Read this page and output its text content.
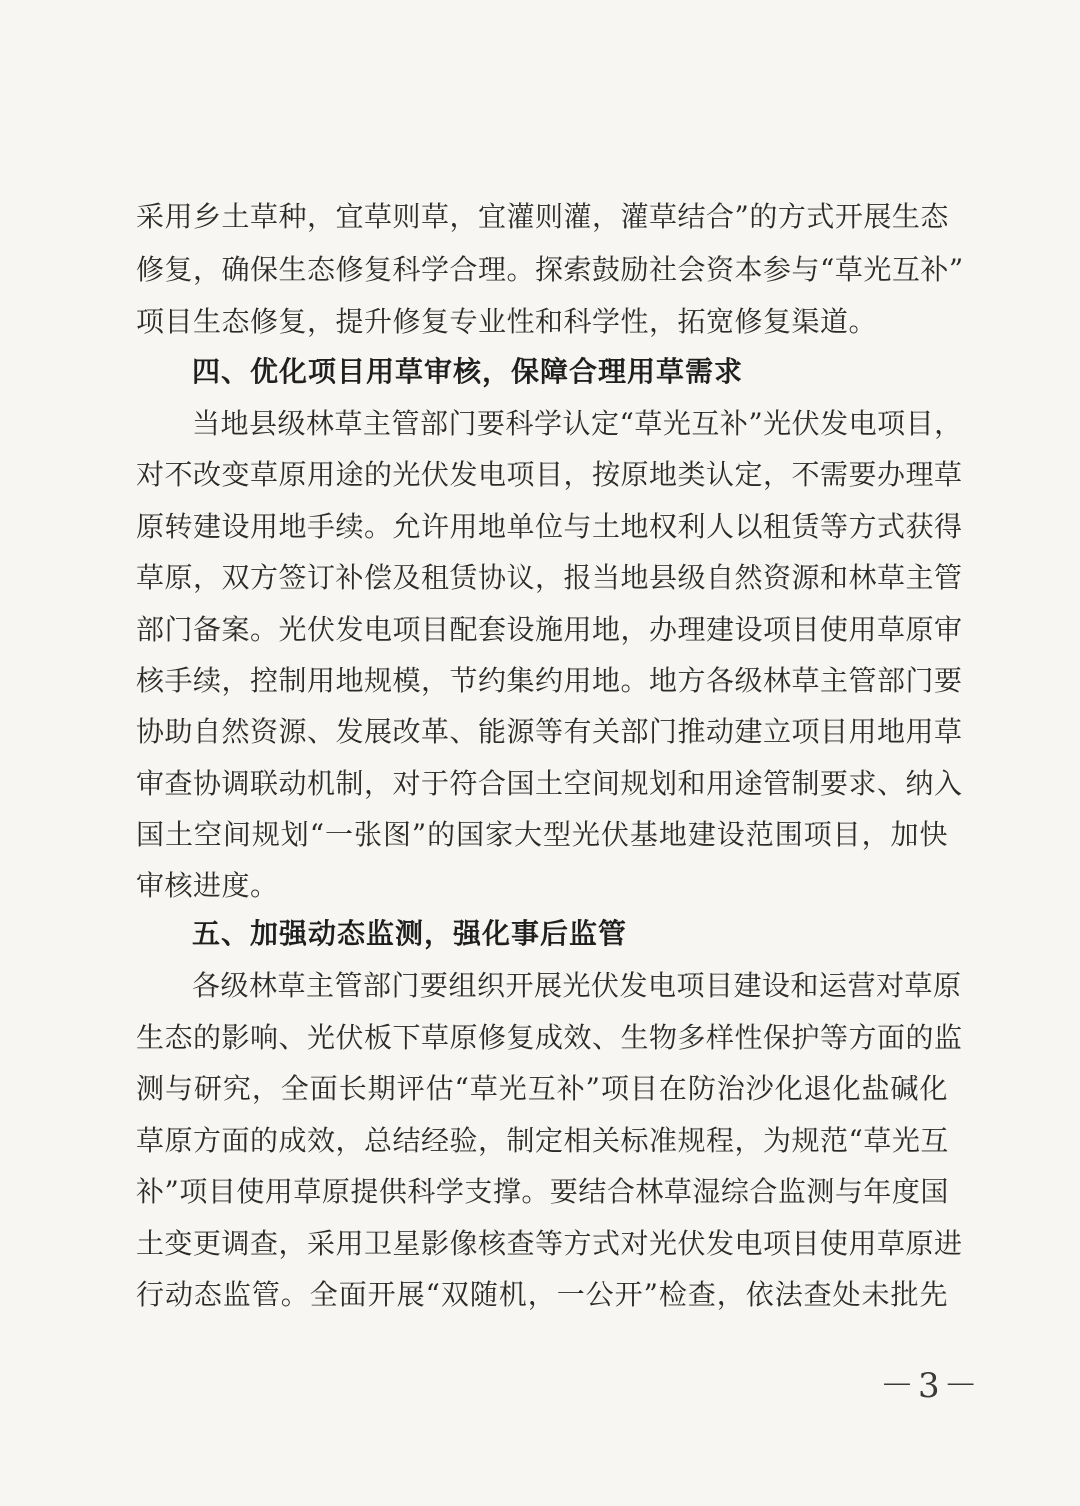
采用乡土草种，宜草则草，宜灌则灌，灌草结合”的方式开展生态
修复，确保生态修复科学合理。探索鼓励社会资本参与“草光互补”
项目生态修复，提升修复专业性和科学性，拓宽修复渠道。
四、优化项目用草审核，保障合理用草需求
当地县级林草主管部门要科学认定“草光互补”光伏发电项目，
对不改变草原用途的光伏发电项目，按原地类认定，不需要办理草
原转建设用地手续。允许用地单位与土地权利人以租赁等方式获得
草原，双方签订补偿及租赁协议，报当地县级自然资源和林草主管
部门备案。光伏发电项目配套设施用地，办理建设项目使用草原审
核手续，控制用地规模，节约集约用地。地方各级林草主管部门要
协助自然资源、发展改革、能源等有关部门推动建立项目用地用草
审查协调联动机制，对于符合国土空间规划和用途管制要求、纳入
国土空间规划“一张图”的国家大型光伏基地建设范围项目，加快
审核进度。
五、加强动态监测，强化事后监管
各级林草主管部门要组织开展光伏发电项目建设和运营对草原
生态的影响、光伏板下草原修复成效、生物多样性保护等方面的监
测与研究，全面长期评估“草光互补”项目在防治沙化退化盐碱化
草原方面的成效，总结经验，制定相关标准规程，为规范“草光互
补”项目使用草原提供科学支撑。要结合林草湿综合监测与年度国
土变更调查，采用卫星影像核查等方式对光伏发电项目使用草原进
行动态监管。全面开展“双随机，一公开”检查，依法查处未批先
－3－
